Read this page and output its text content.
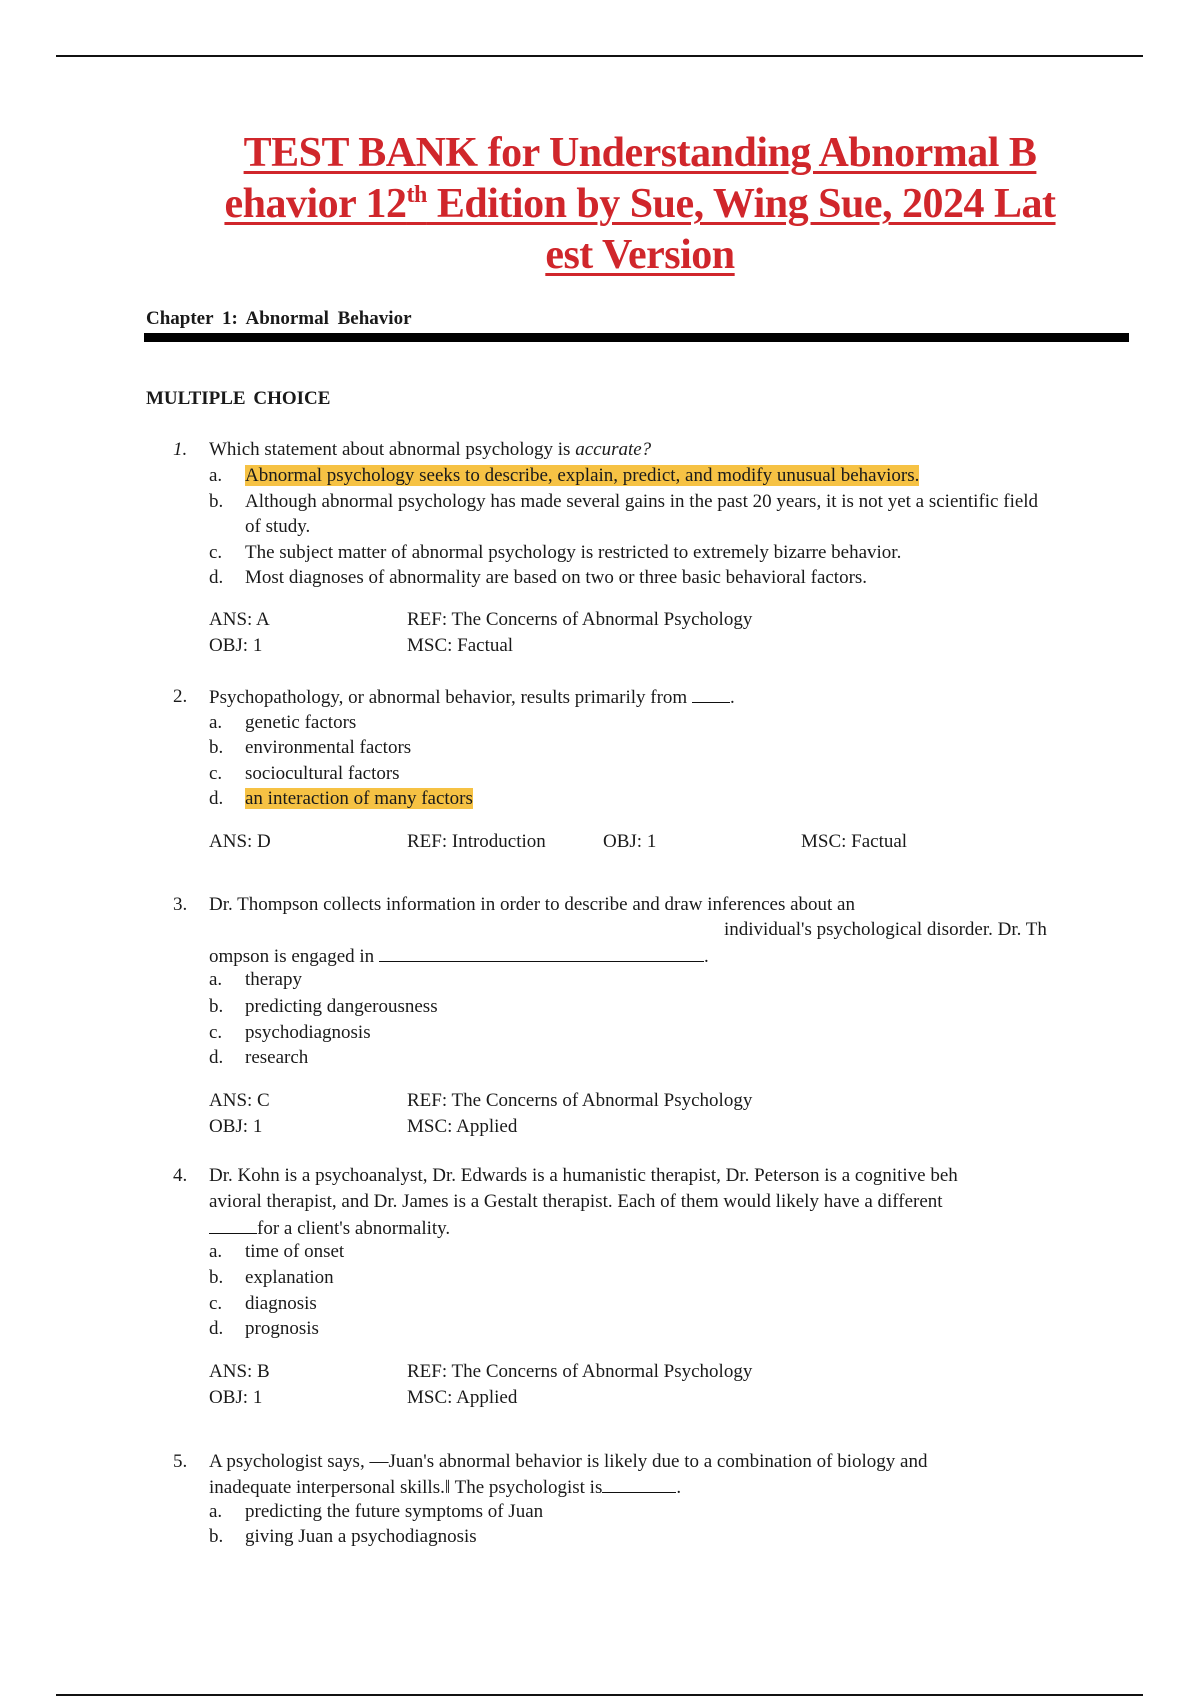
TEST BANK for Understanding Abnormal B
ehavior 12th Edition by Sue, Wing Sue, 2024 Lat
est Version
Chapter 1: Abnormal Behavior
MULTIPLE CHOICE
1. Which statement about abnormal psychology is accurate?
a. Abnormal psychology seeks to describe, explain, predict, and modify unusual behaviors.
b. Although abnormal psychology has made several gains in the past 20 years, it is not yet a scientific field of study.
c. The subject matter of abnormal psychology is restricted to extremely bizarre behavior.
d. Most diagnoses of abnormality are based on two or three basic behavioral factors.
ANS: A	REF: The Concerns of Abnormal Psychology
OBJ: 1	MSC: Factual
2. Psychopathology, or abnormal behavior, results primarily from .
a. genetic factors
b. environmental factors
c. sociocultural factors
d. an interaction of many factors
ANS: D	REF: Introduction	OBJ: 1	MSC: Factual
3. Dr. Thompson collects information in order to describe and draw inferences about an
individual's psychological disorder. Dr. Th
ompson is engaged in	.
a. therapy
b. predicting dangerousness
c. psychodiagnosis
d. research
ANS: C	REF: The Concerns of Abnormal Psychology
OBJ: 1	MSC: Applied
4. Dr. Kohn is a psychoanalyst, Dr. Edwards is a humanistic therapist, Dr. Peterson is a cognitive beh
avioral therapist, and Dr. James is a Gestalt therapist. Each of them would likely have a different
for a client's abnormality.
a. time of onset
b. explanation
c. diagnosis
d. prognosis
ANS: B	REF: The Concerns of Abnormal Psychology
OBJ: 1	MSC: Applied
5. A psychologist says, ―Juan's abnormal behavior is likely due to a combination of biology and
inadequate interpersonal skills.‖ The psychologist is	.
a. predicting the future symptoms of Juan
b. giving Juan a psychodiagnosis
